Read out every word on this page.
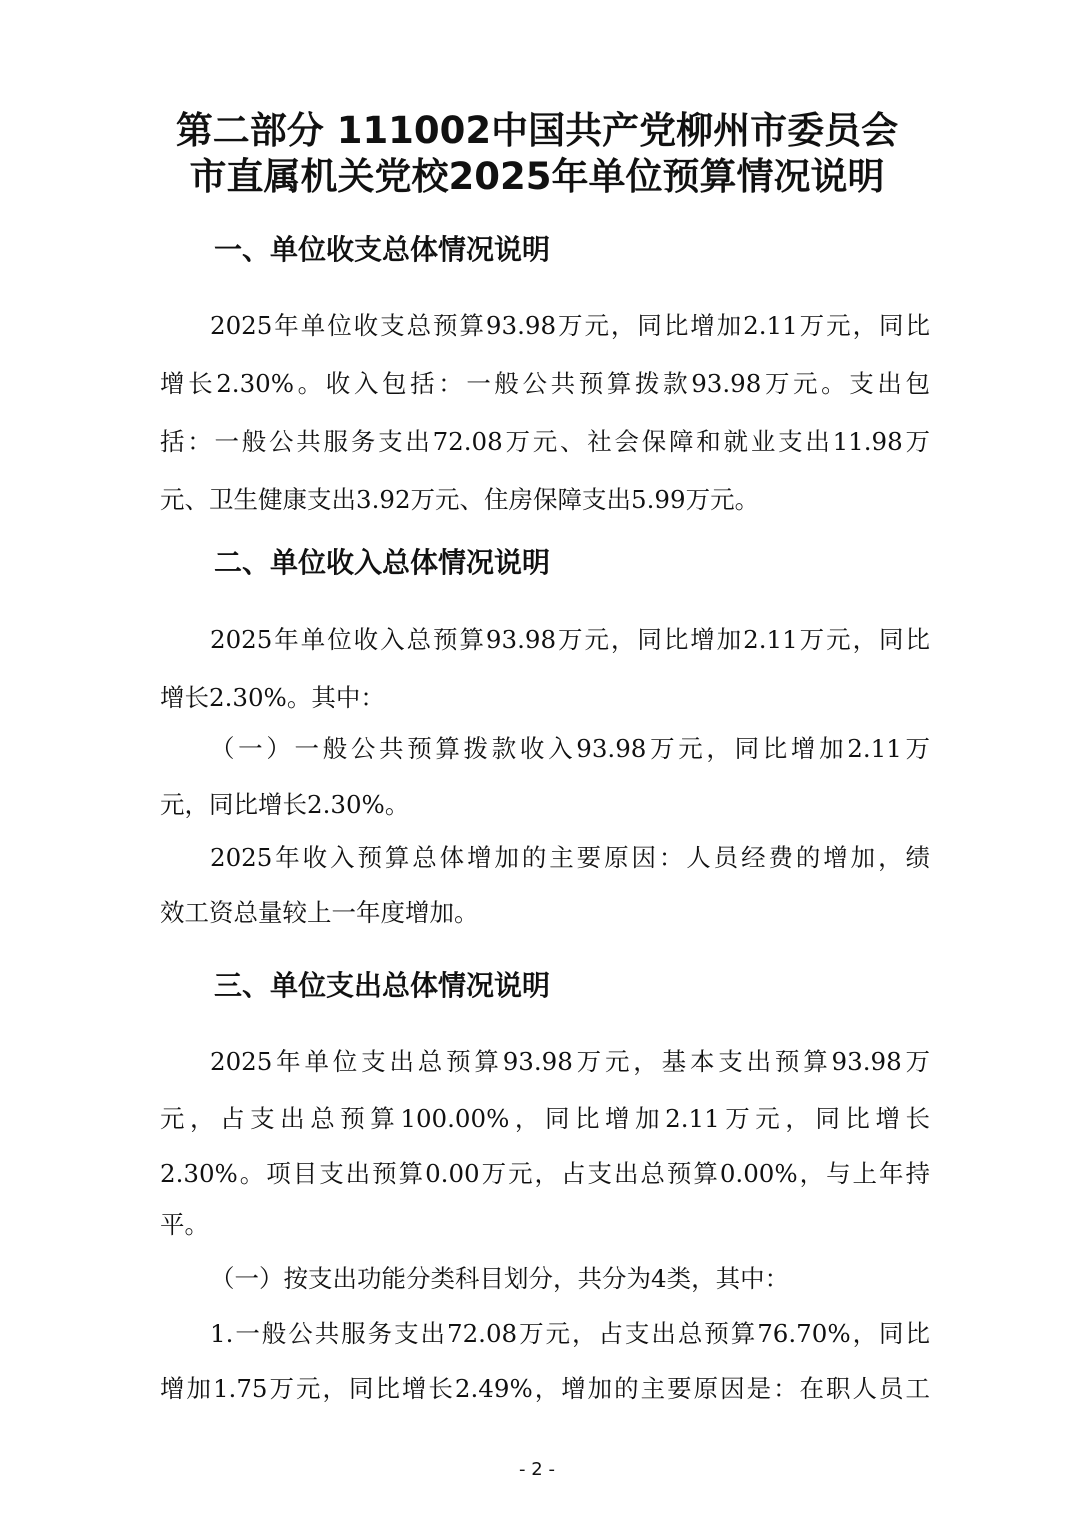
第二部分 111002中国共产党柳州市委员会
市直属机关党校2025年单位预算情况说明
一、单位收支总体情况说明
2025年单位收支总预算93.98万元，同比增加2.11万元，同比
增长2.30%。收入包括：一般公共预算拨款93.98万元。支出包
括：一般公共服务支出72.08万元、社会保障和就业支出11.98万
元、卫生健康支出3.92万元、住房保障支出5.99万元。
二、单位收入总体情况说明
2025年单位收入总预算93.98万元，同比增加2.11万元，同比
增长2.30%。其中：
（一）一般公共预算拨款收入93.98万元，同比增加2.11万
元，同比增长2.30%。
2025年收入预算总体增加的主要原因：人员经费的增加，绩
效工资总量较上一年度增加。
三、单位支出总体情况说明
2025年单位支出总预算93.98万元，基本支出预算93.98万
元，占支出总预算100.00%，同比增加2.11万元，同比增长
2.30%。项目支出预算0.00万元，占支出总预算0.00%，与上年持
平。
（一）按支出功能分类科目划分，共分为4类，其中：
1.一般公共服务支出72.08万元，占支出总预算76.70%，同比
增加1.75万元，同比增长2.49%，增加的主要原因是：在职人员工
- 2 -
